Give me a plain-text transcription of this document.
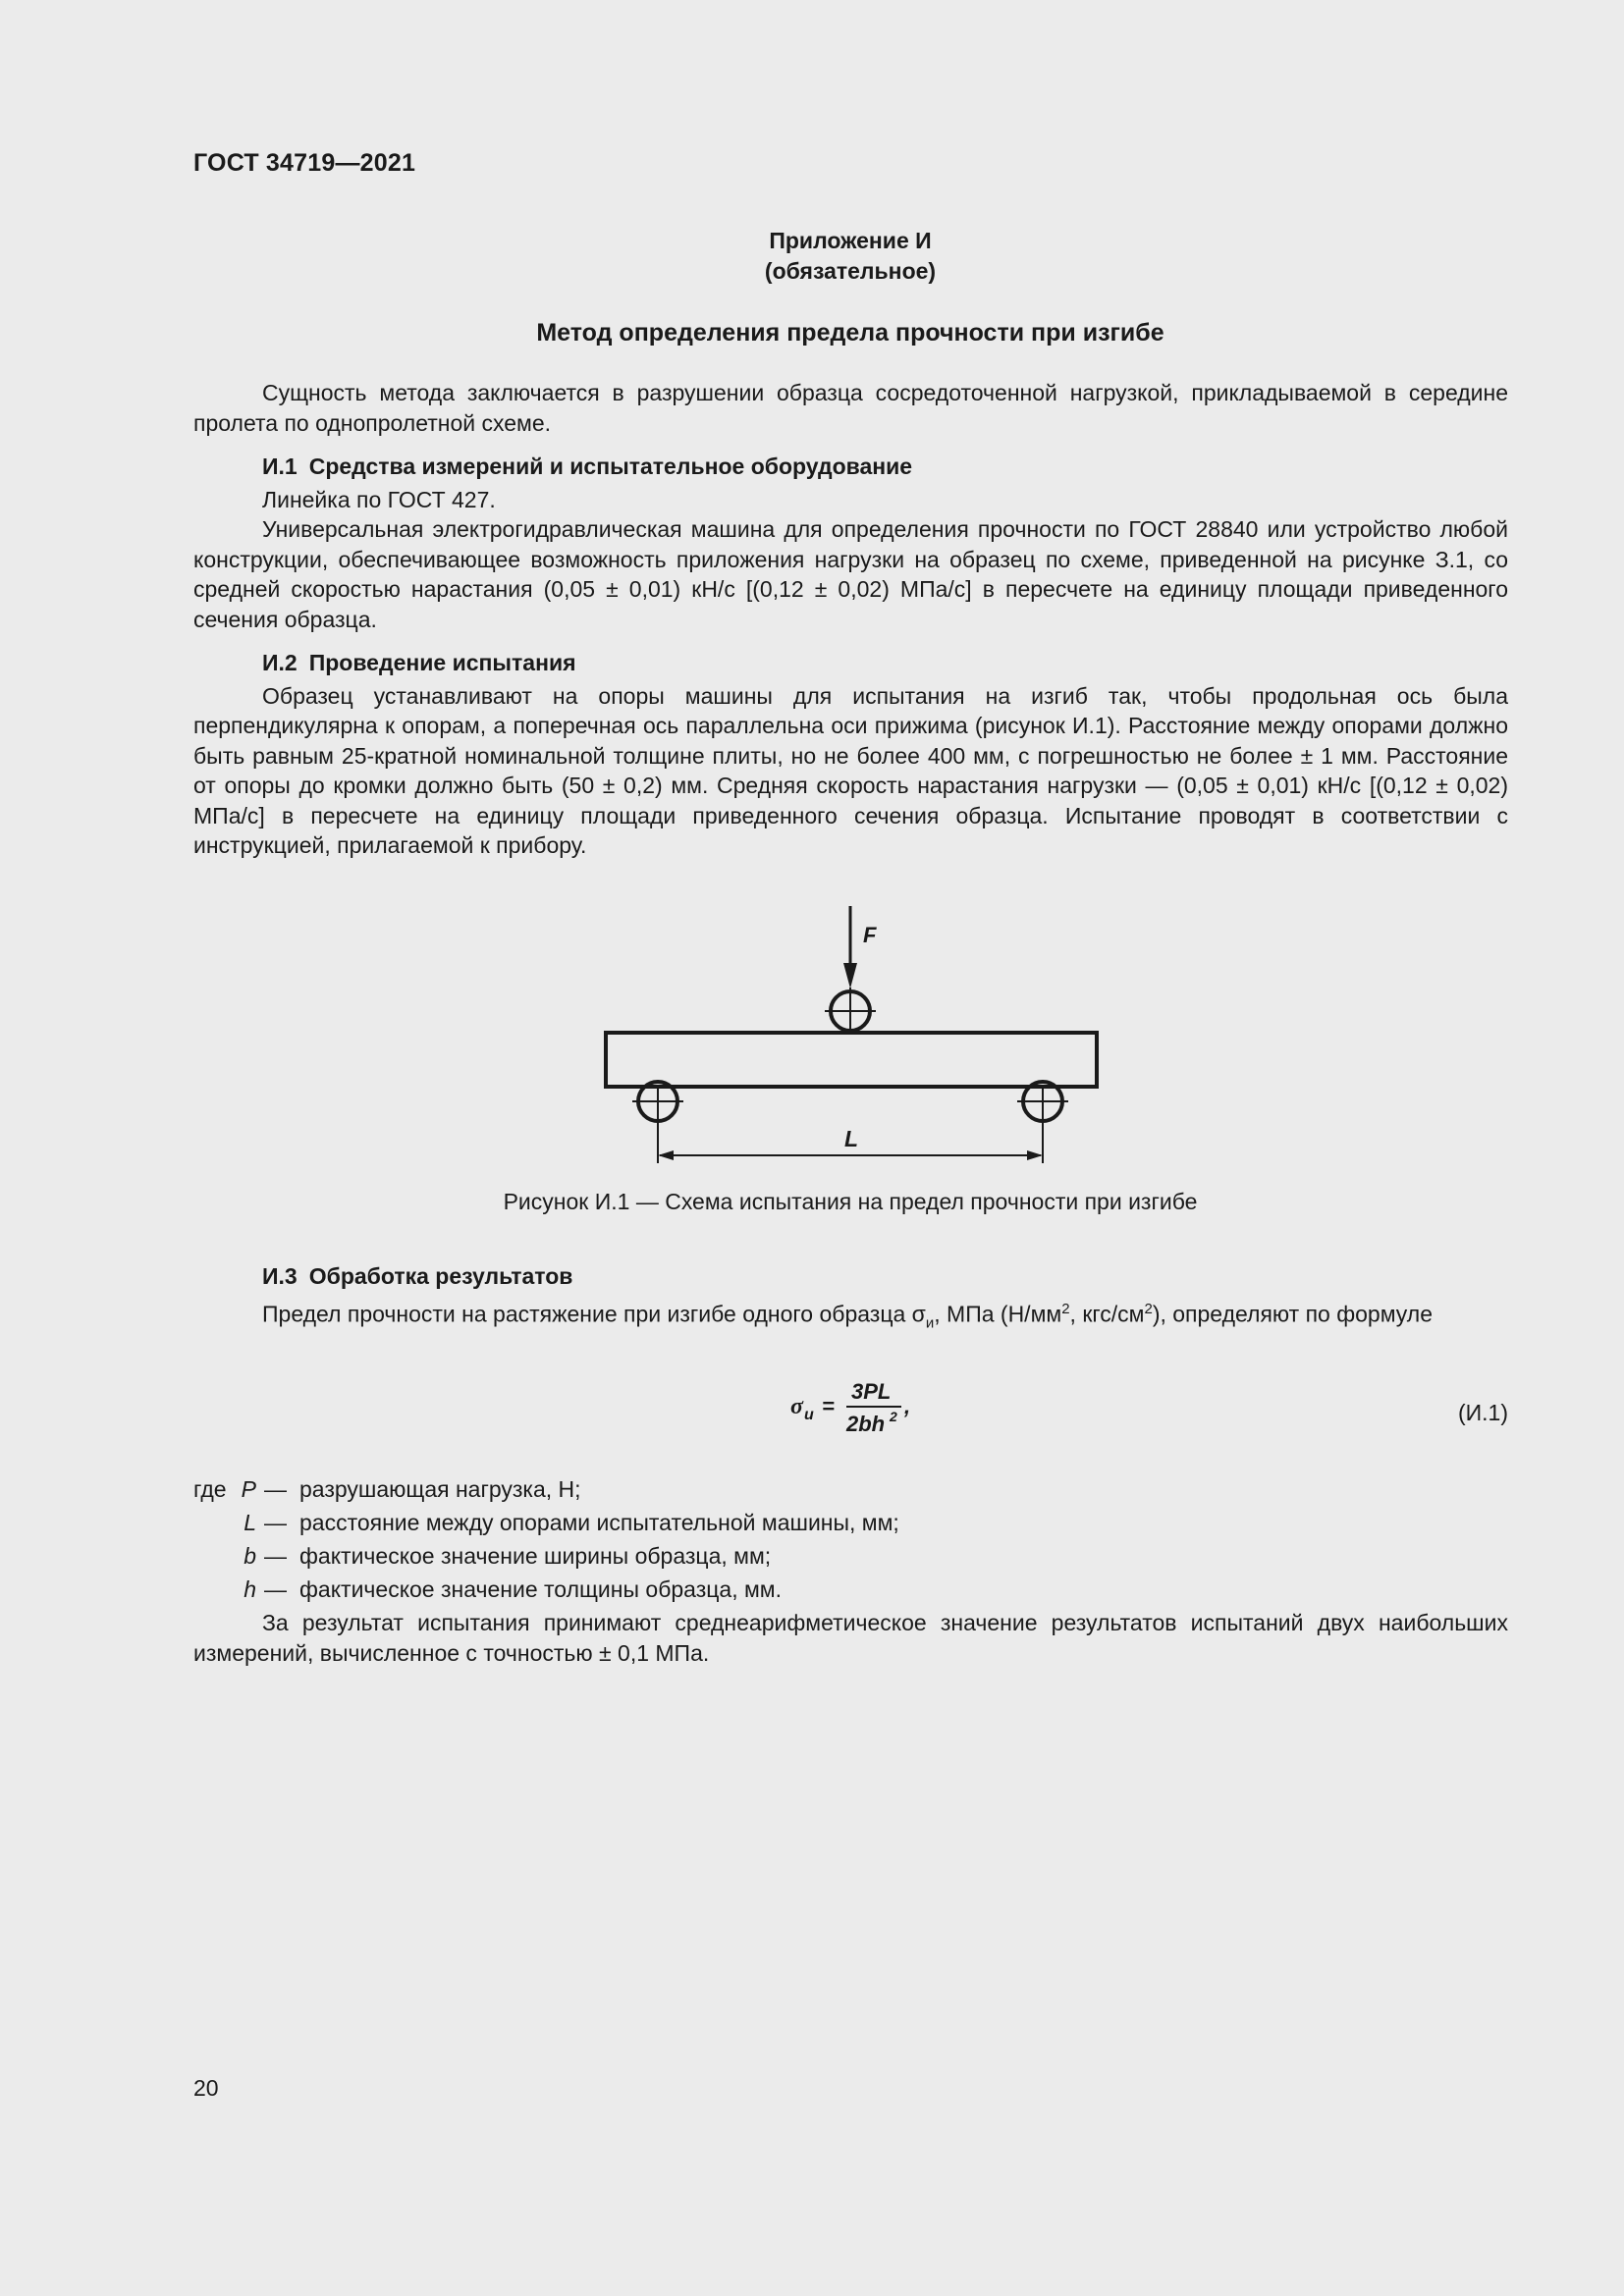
ГОСТ 34719—2021
Приложение И
(обязательное)
Метод определения предела прочности при изгибе

Сущность метода заключается в разрушении образца сосредоточенной нагрузкой, прикладываемой в середине пролета по однопролетной схеме.

И.1 Средства измерений и испытательное оборудование

Линейка по ГОСТ 427.

Универсальная электрогидравлическая машина для определения прочности по ГОСТ 28840 или устройство любой конструкции, обеспечивающее возможность приложения нагрузки на образец по схеме, приведенной на рисунке З.1, со средней скоростью нарастания (0,05 ± 0,01) кН/с [(0,12 ± 0,02) МПа/с] в пересчете на единицу площади приведенного сечения образца.

И.2 Проведение испытания

Образец устанавливают на опоры машины для испытания на изгиб так, чтобы продольная ось была перпендикулярна к опорам, а поперечная ось параллельна оси прижима (рисунок И.1). Расстояние между опорами должно быть равным 25-кратной номинальной толщине плиты, но не более 400 мм, с погрешностью не более ± 1 мм. Расстояние от опоры до кромки должно быть (50 ± 0,2) мм. Средняя скорость нарастания нагрузки — (0,05 ± 0,01) кН/с [(0,12 ± 0,02) МПа/с] в пересчете на единицу площади приведенного сечения образца. Испытание проводят в соответствии с инструкцией, прилагаемой к прибору.

F
L
Рисунок И.1 — Схема испытания на предел прочности при изгибе
И.3 Обработка результатов

Предел прочности на растяжение при изгибе одного образца $\sigma_и$, МПа ($Н/мм^2$, кгс/$см^2$), определяют по формуле

σ и =
3PL
2bh 2 ,	(И.1)
где P — разрушающая нагрузка, Н;
L — расстояние между опорами испытательной машины, мм;
b — фактическое значение ширины образца, мм;
h — фактическое значение толщины образца, мм.

За результат испытания принимают среднеарифметическое значение результатов испытаний двух наибольших измерений, вычисленное с точностью ± 0,1 МПа.

20
